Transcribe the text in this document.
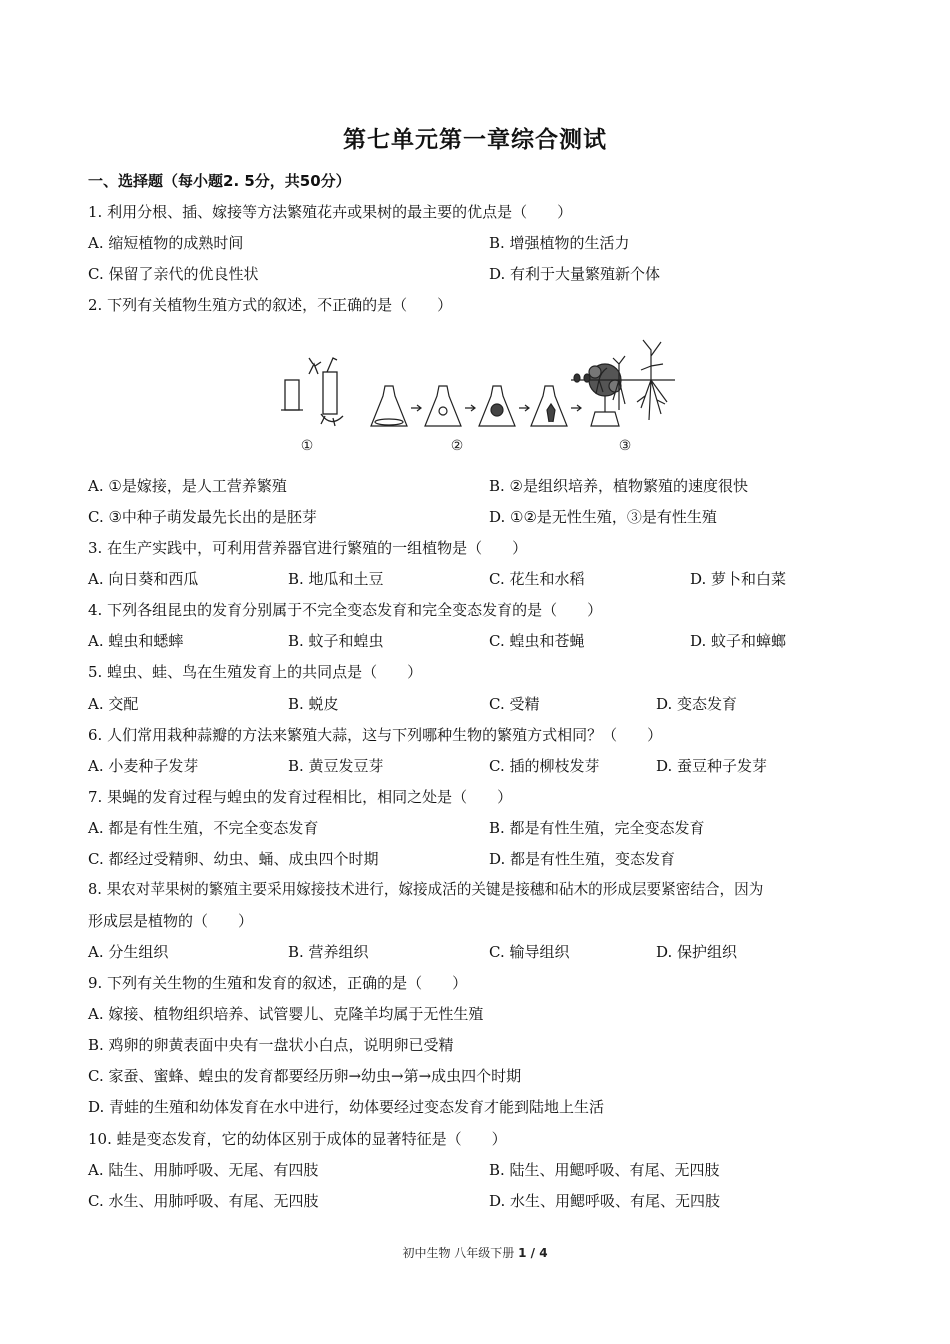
第七单元第一章综合测试
一、选择题（每小题2. 5分，共50分）
1. 利用分根、插、嫁接等方法繁殖花卉或果树的最主要的优点是（　　）
A. 缩短植物的成熟时间	B. 增强植物的生活力
C. 保留了亲代的优良性状	D. 有利于大量繁殖新个体
2. 下列有关植物生殖方式的叙述，不正确的是（　　）
①	②	③
A. ①是嫁接，是人工营养繁殖	B. ②是组织培养，植物繁殖的速度很快
C. ③中种子萌发最先长出的是胚芽	D. ①②是无性生殖，③是有性生殖
3. 在生产实践中，可利用营养器官进行繁殖的一组植物是（　　）
A. 向日葵和西瓜	B. 地瓜和土豆	C. 花生和水稻	D. 萝卜和白菜
4. 下列各组昆虫的发育分别属于不完全变态发育和完全变态发育的是（　　）
A. 蝗虫和蟋蟀	B. 蚊子和蝗虫	C. 蝗虫和苍蝇	D. 蚊子和蟑螂
5. 蝗虫、蛙、鸟在生殖发育上的共同点是（　　）
A. 交配	B. 蜕皮	C. 受精	D. 变态发育
6. 人们常用栽种蒜瓣的方法来繁殖大蒜，这与下列哪种生物的繁殖方式相同？（　　）
A. 小麦种子发芽	B. 黄豆发豆芽	C. 插的柳枝发芽	D. 蚕豆种子发芽
7. 果蝇的发育过程与蝗虫的发育过程相比，相同之处是（　　）
A. 都是有性生殖，不完全变态发育	B. 都是有性生殖，完全变态发育
C. 都经过受精卵、幼虫、蛹、成虫四个时期	D. 都是有性生殖，变态发育
8. 果农对苹果树的繁殖主要采用嫁接技术进行，嫁接成活的关键是接穗和砧木的形成层要紧密结合，因为
形成层是植物的（　　）
A. 分生组织	B. 营养组织	C. 输导组织	D. 保护组织
9. 下列有关生物的生殖和发育的叙述，正确的是（　　）
A. 嫁接、植物组织培养、试管婴儿、克隆羊均属于无性生殖
B. 鸡卵的卵黄表面中央有一盘状小白点，说明卵已受精
C. 家蚕、蜜蜂、蝗虫的发育都要经历卵→幼虫→第→成虫四个时期
D. 青蛙的生殖和幼体发育在水中进行，幼体要经过变态发育才能到陆地上生活
10. 蛙是变态发育，它的幼体区别于成体的显著特征是（　　）
A. 陆生、用肺呼吸、无尾、有四肢	B. 陆生、用鳃呼吸、有尾、无四肢
C. 水生、用肺呼吸、有尾、无四肢	D. 水生、用鳃呼吸、有尾、无四肢
初中生物 八年级下册 1 / 4
